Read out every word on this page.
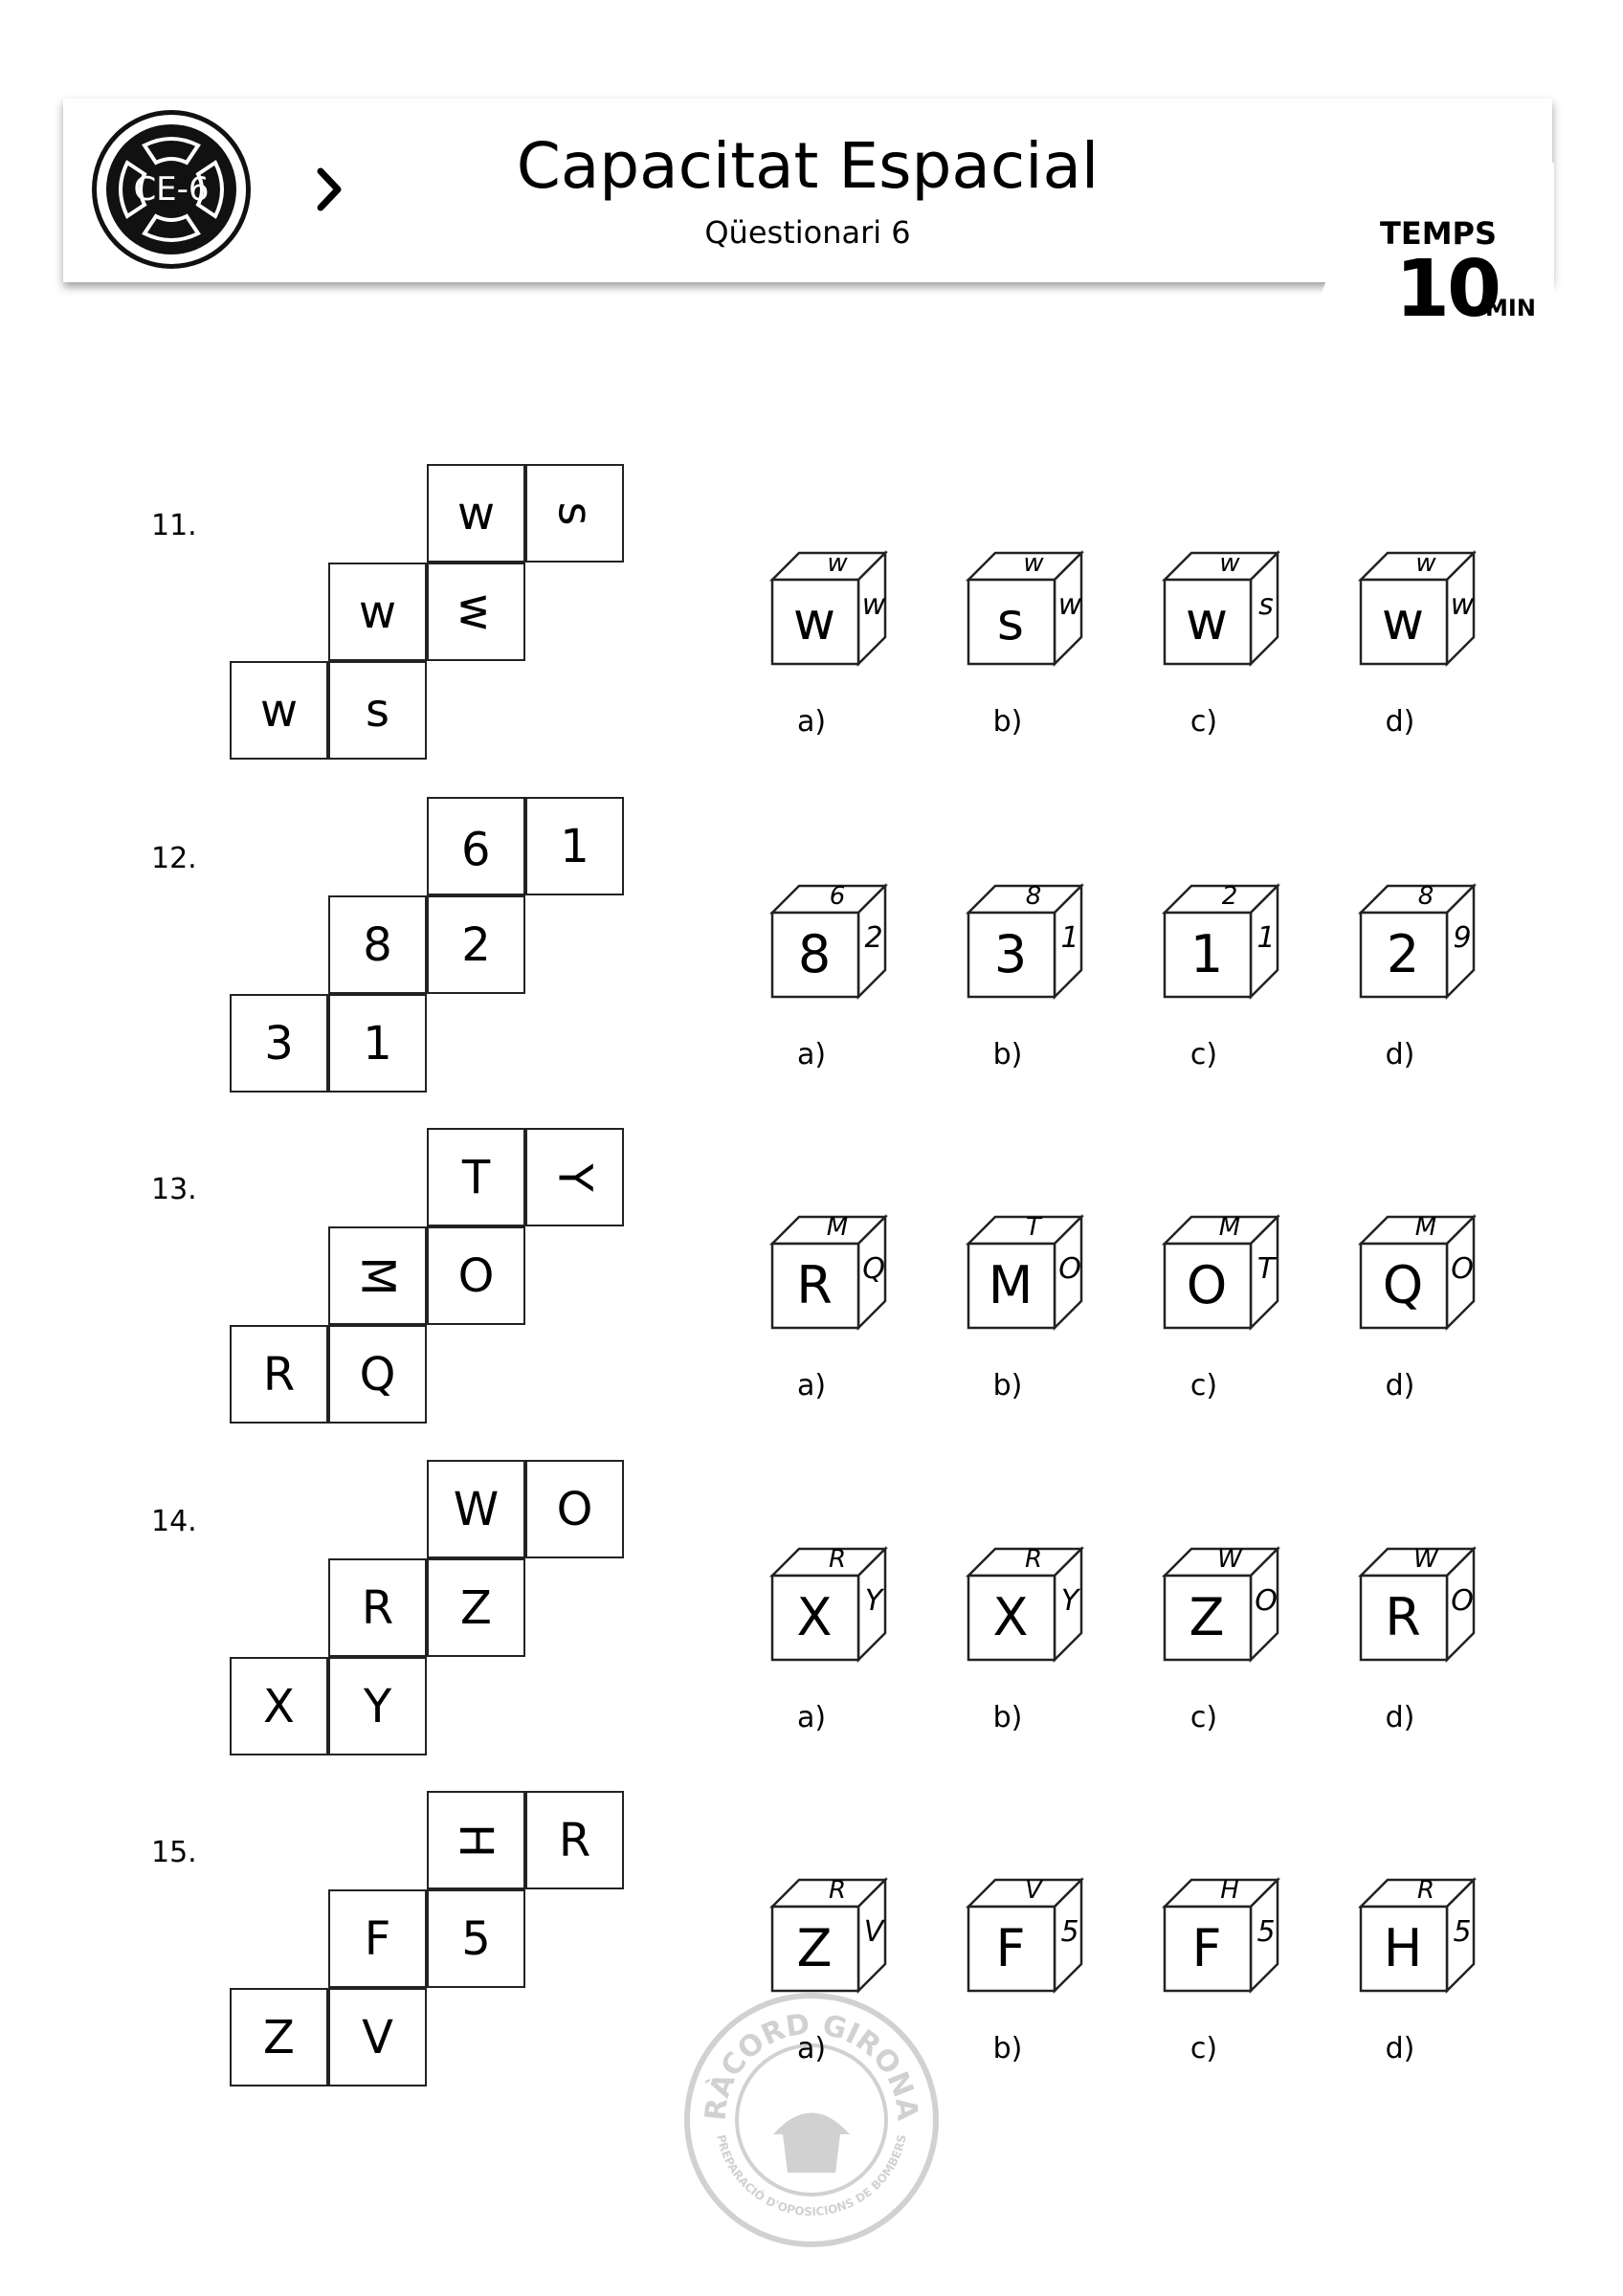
CE-6	Capacitat Espacial
Qüestionari 6	TEMPS
10
MIN
11.	w s
w w
w s
w
w
w
a)
s
w
w
b)
w
w
s
c)
w
w
w
d)
12.	9 1
8 2
3 1
8
6
2
a)
3
8
1
b)
1
2
1
c)
2
8
9
d)
13.	T Y
M O
R Q
R
M
Q
a)
M
T
O
b)
O
M
T
c)
Q
M
O
d)
14.	W O
R Z
X Y
X
R
Y
a)
X
R
Y
b)
Z
W
O
c)
R
W
O
d)
15.	H R
F 5
Z V
Z
R
V
a)
F
V
5
b)
F
H
5
c)
H
R
5
d)
RÀCORD GIRONA
PREPARACIÓ D'OPOSICIONS DE BOMBERS
